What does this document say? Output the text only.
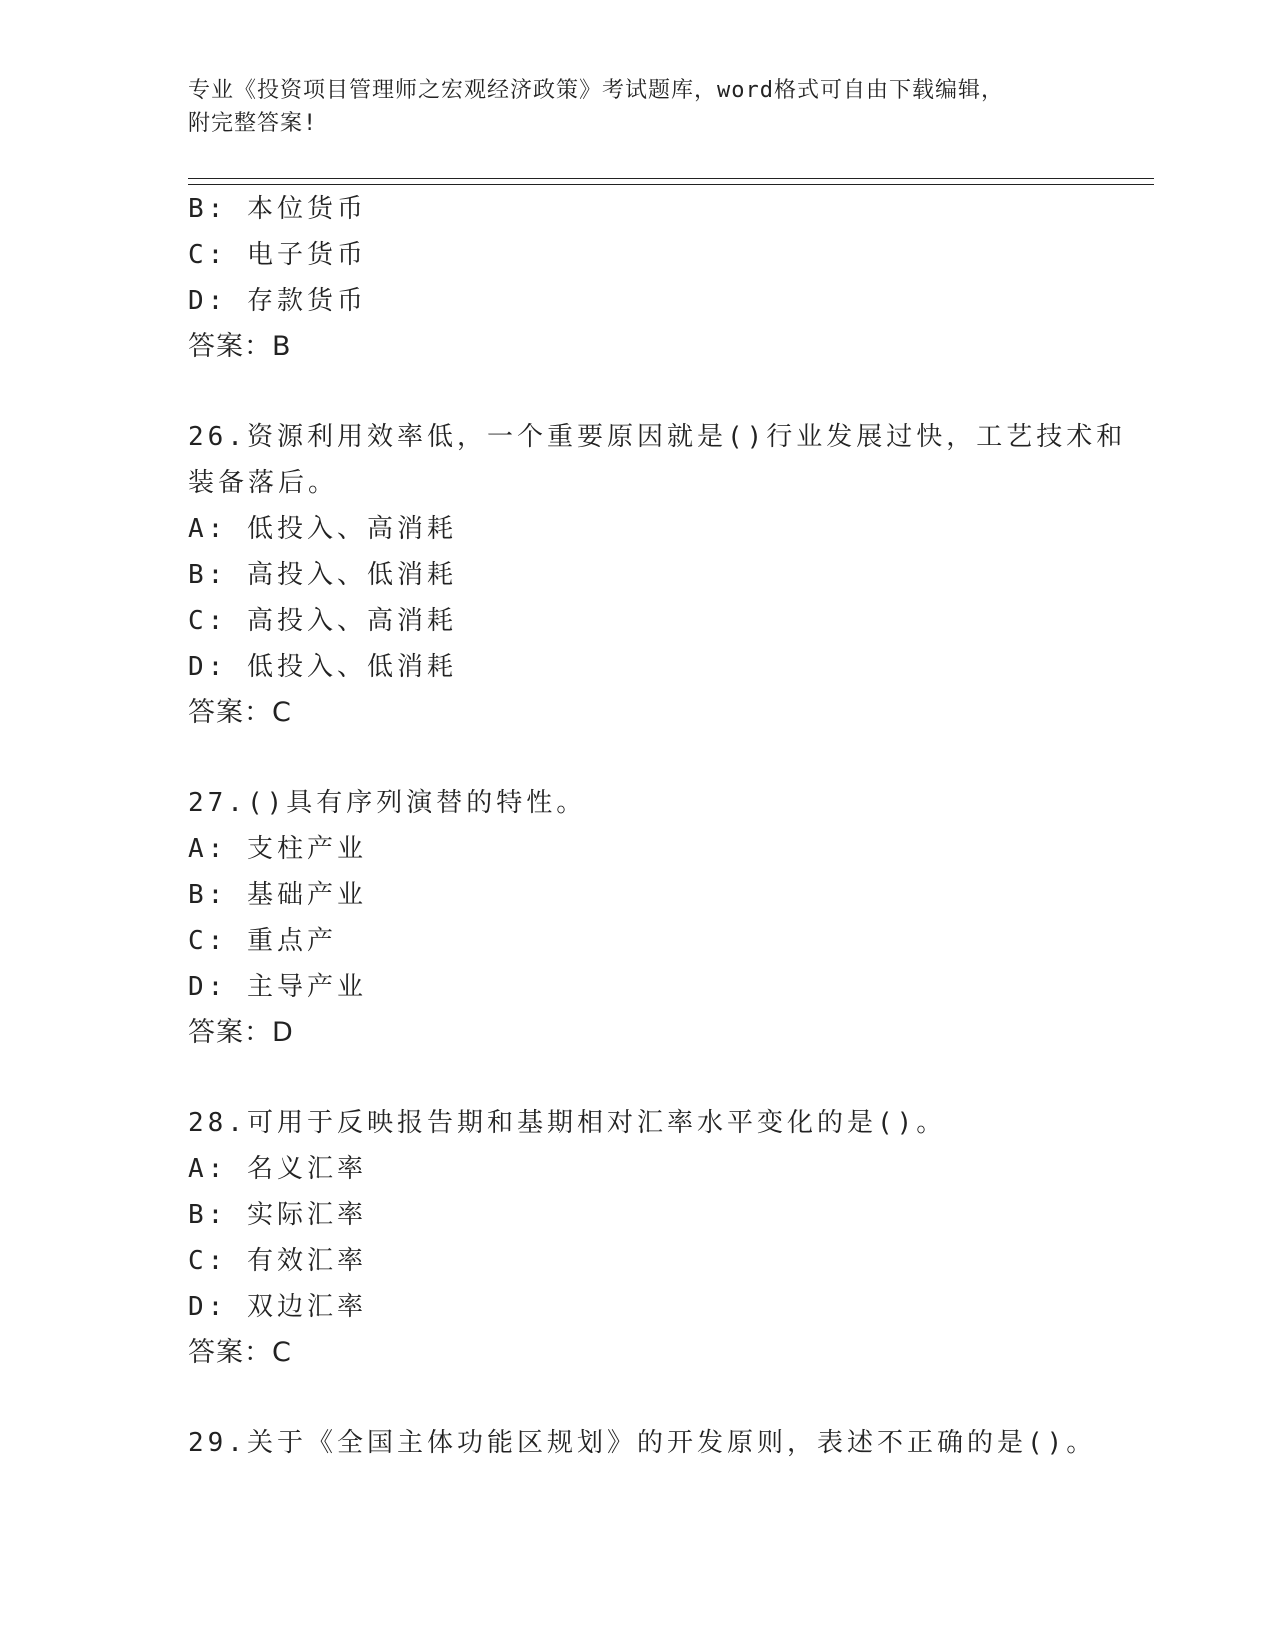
专业《投资项目管理师之宏观经济政策》考试题库，word格式可自由下载编辑，
附完整答案!
B: 本位货币
C: 电子货币
D: 存款货币
答案：B
26.资源利用效率低，一个重要原因就是()行业发展过快，工艺技术和
装备落后。
A: 低投入、高消耗
B: 高投入、低消耗
C: 高投入、高消耗
D: 低投入、低消耗
答案：C
27.()具有序列演替的特性。
A: 支柱产业
B: 基础产业
C: 重点产
D: 主导产业
答案：D
28.可用于反映报告期和基期相对汇率水平变化的是()。
A: 名义汇率
B: 实际汇率
C: 有效汇率
D: 双边汇率
答案：C
29.关于《全国主体功能区规划》的开发原则，表述不正确的是()。
